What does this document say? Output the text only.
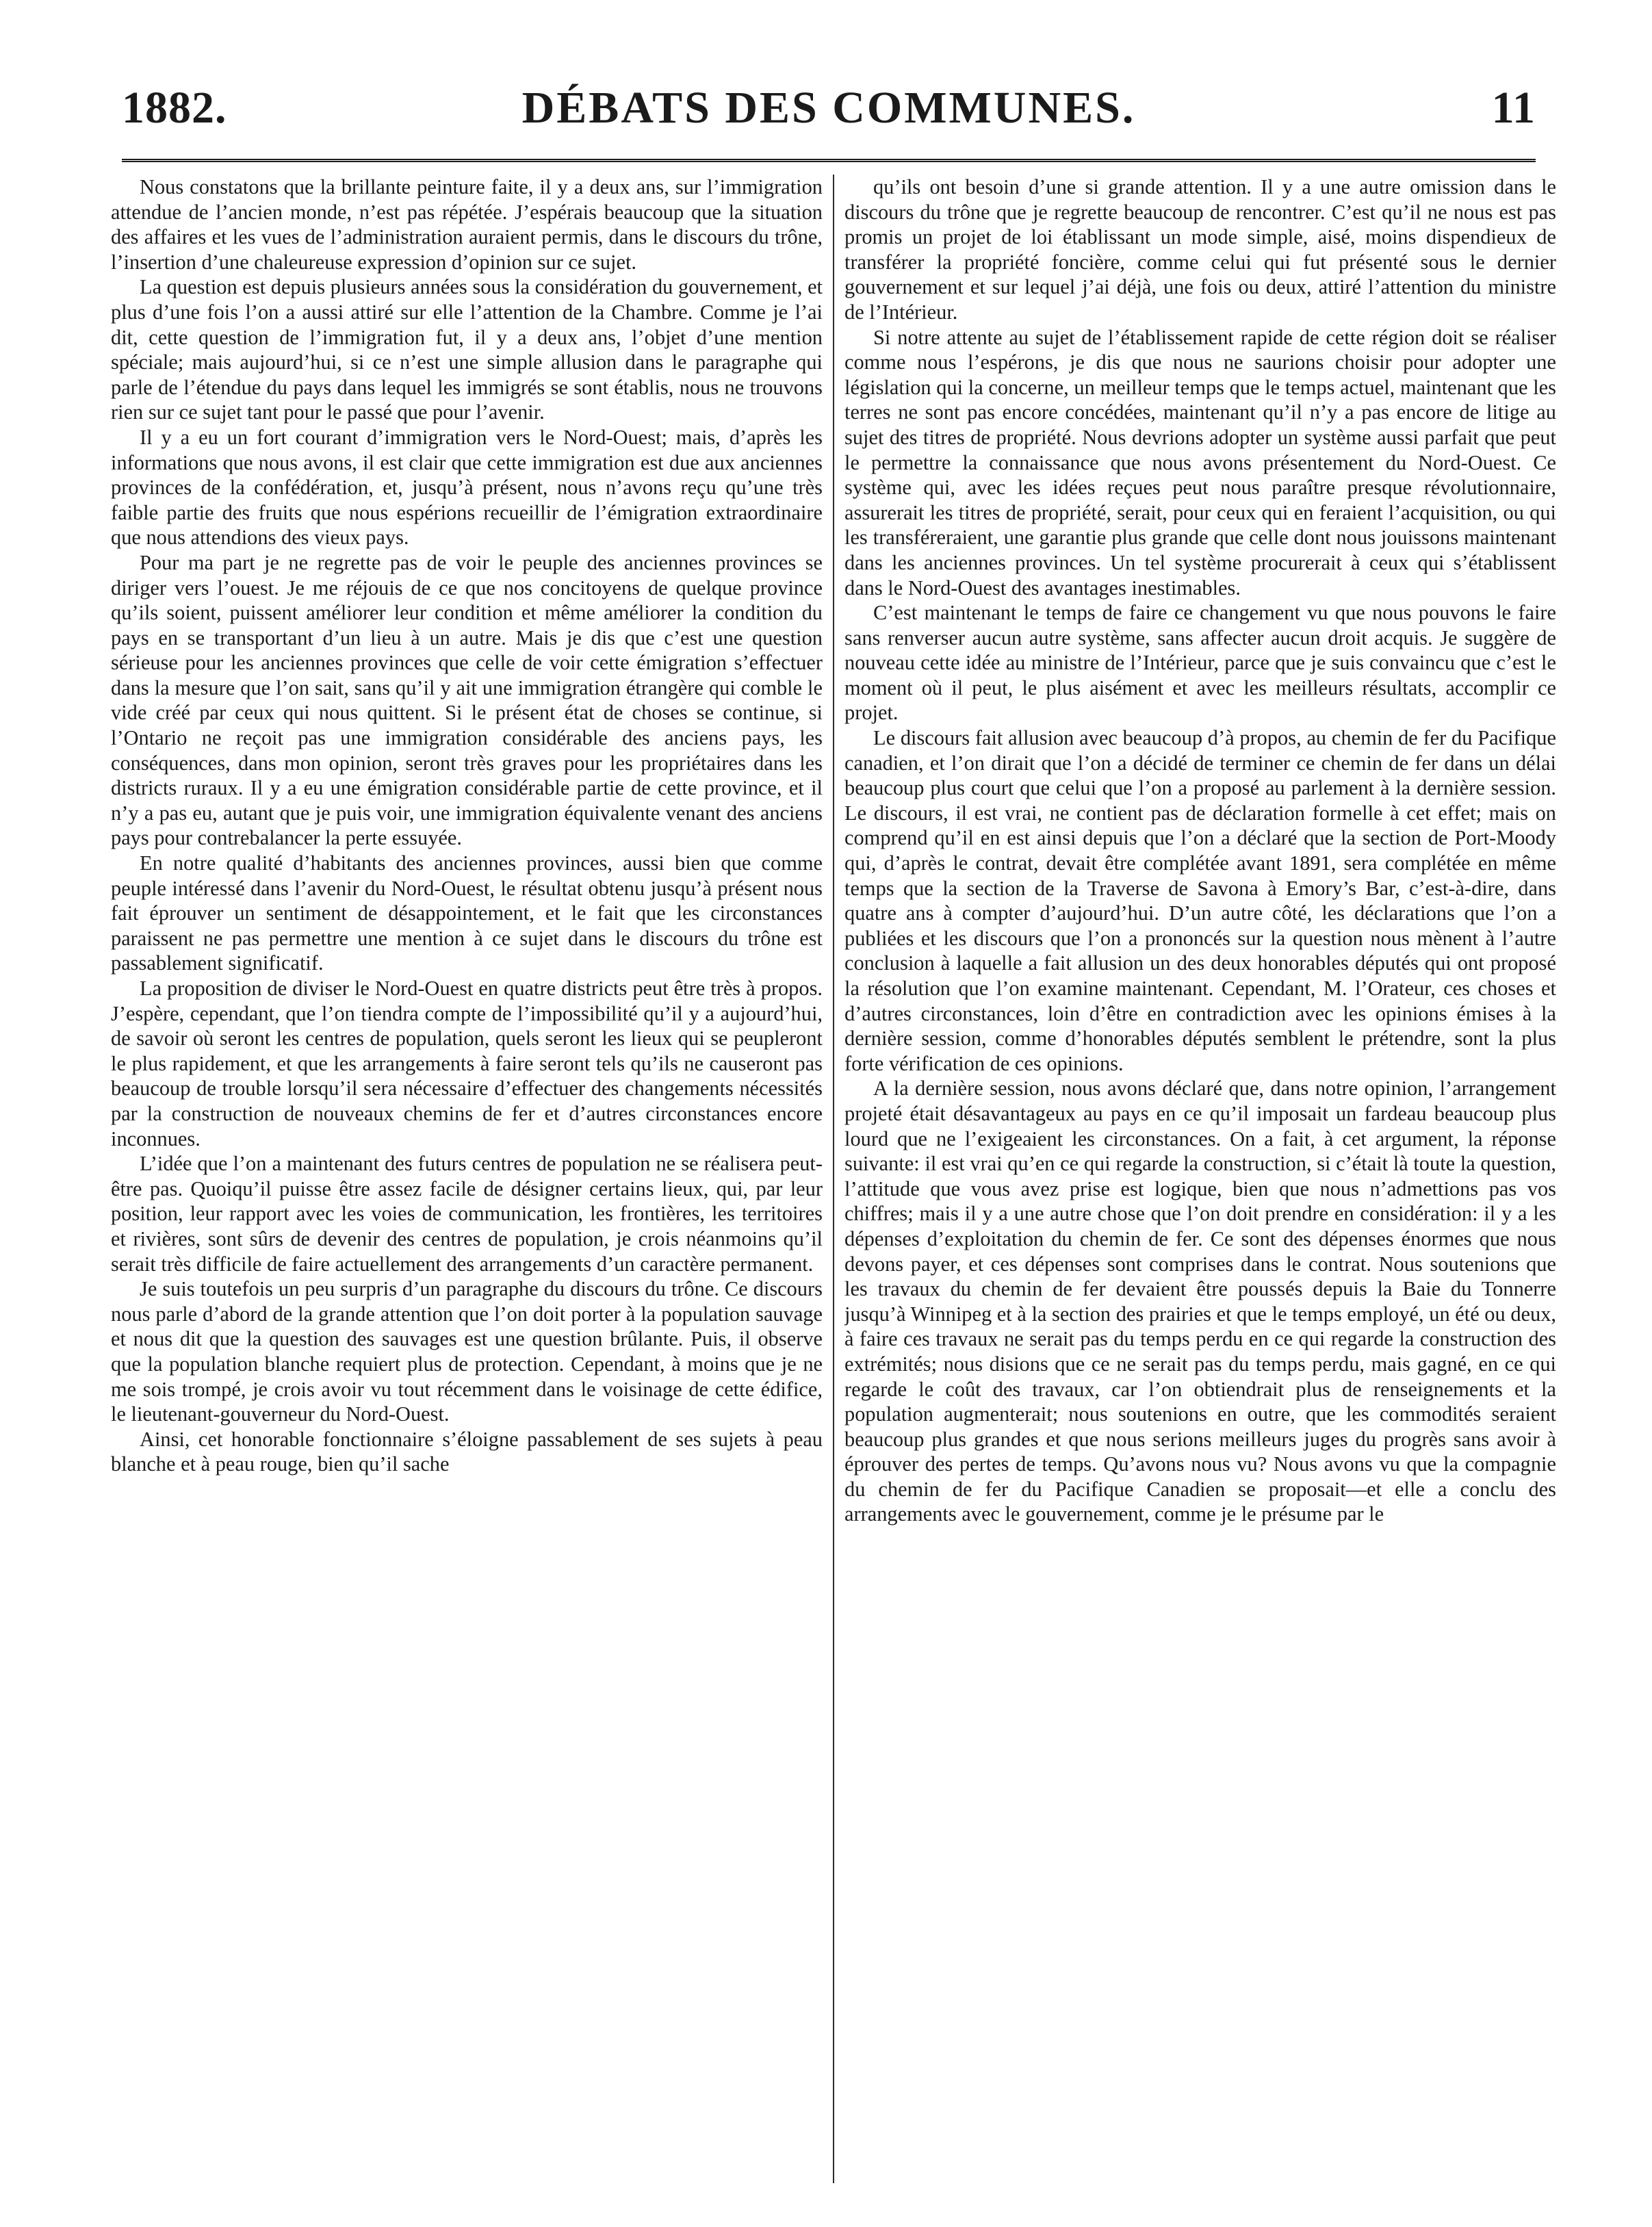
1882.	DÉBATS DES COMMUNES.	11

Nous constatons que la brillante peinture faite, il y a deux ans, sur l’immigration attendue de l’ancien monde, n’est pas répétée. J’espérais beaucoup que la situation des affaires et les vues de l’administration auraient permis, dans le discours du trône, l’insertion d’une chaleureuse expression d’opinion sur ce sujet.

La question est depuis plusieurs années sous la considération du gouvernement, et plus d’une fois l’on a aussi attiré sur elle l’attention de la Chambre. Comme je l’ai dit, cette question de l’immigration fut, il y a deux ans, l’objet d’une mention spéciale; mais aujourd’hui, si ce n’est une simple allusion dans le paragraphe qui parle de l’étendue du pays dans lequel les immigrés se sont établis, nous ne trouvons rien sur ce sujet tant pour le passé que pour l’avenir.

Il y a eu un fort courant d’immigration vers le Nord-Ouest; mais, d’après les informations que nous avons, il est clair que cette immigration est due aux anciennes provinces de la confédération, et, jusqu’à présent, nous n’avons reçu qu’une très faible partie des fruits que nous espérions recueillir de l’émigration extraordinaire que nous attendions des vieux pays.

Pour ma part je ne regrette pas de voir le peuple des anciennes provinces se diriger vers l’ouest. Je me réjouis de ce que nos concitoyens de quelque province qu’ils soient, puissent améliorer leur condition et même améliorer la condition du pays en se transportant d’un lieu à un autre. Mais je dis que c’est une question sérieuse pour les anciennes provinces que celle de voir cette émigration s’effectuer dans la mesure que l’on sait, sans qu’il y ait une immigration étrangère qui comble le vide créé par ceux qui nous quittent. Si le présent état de choses se continue, si l’Ontario ne reçoit pas une immigration considérable des anciens pays, les conséquences, dans mon opinion, seront très graves pour les propriétaires dans les districts ruraux. Il y a eu une émigration considérable partie de cette province, et il n’y a pas eu, autant que je puis voir, une immigration équivalente venant des anciens pays pour contrebalancer la perte essuyée.

En notre qualité d’habitants des anciennes provinces, aussi bien que comme peuple intéressé dans l’avenir du Nord-Ouest, le résultat obtenu jusqu’à présent nous fait éprouver un sentiment de désappointement, et le fait que les circonstances paraissent ne pas permettre une mention à ce sujet dans le discours du trône est passablement significatif.

La proposition de diviser le Nord-Ouest en quatre districts peut être très à propos. J’espère, cependant, que l’on tiendra compte de l’impossibilité qu’il y a aujourd’hui, de savoir où seront les centres de population, quels seront les lieux qui se peupleront le plus rapidement, et que les arrangements à faire seront tels qu’ils ne causeront pas beaucoup de trouble lorsqu’il sera nécessaire d’effectuer des changements nécessités par la construction de nouveaux chemins de fer et d’autres circonstances encore inconnues.

L’idée que l’on a maintenant des futurs centres de population ne se réalisera peut-être pas. Quoiqu’il puisse être assez facile de désigner certains lieux, qui, par leur position, leur rapport avec les voies de communication, les frontières, les territoires et rivières, sont sûrs de devenir des centres de population, je crois néanmoins qu’il serait très difficile de faire actuellement des arrangements d’un caractère permanent.

Je suis toutefois un peu surpris d’un paragraphe du discours du trône. Ce discours nous parle d’abord de la grande attention que l’on doit porter à la population sauvage et nous dit que la question des sauvages est une question brûlante. Puis, il observe que la population blanche requiert plus de protection. Cependant, à moins que je ne me sois trompé, je crois avoir vu tout récemment dans le voisinage de cette édifice, le lieutenant-gouverneur du Nord-Ouest.

Ainsi, cet honorable fonctionnaire s’éloigne passablement de ses sujets à peau blanche et à peau rouge, bien qu’il sache

qu’ils ont besoin d’une si grande attention. Il y a une autre omission dans le discours du trône que je regrette beaucoup de rencontrer. C’est qu’il ne nous est pas promis un projet de loi établissant un mode simple, aisé, moins dispendieux de transférer la propriété foncière, comme celui qui fut présenté sous le dernier gouvernement et sur lequel j’ai déjà, une fois ou deux, attiré l’attention du ministre de l’Intérieur.

Si notre attente au sujet de l’établissement rapide de cette région doit se réaliser comme nous l’espérons, je dis que nous ne saurions choisir pour adopter une législation qui la concerne, un meilleur temps que le temps actuel, maintenant que les terres ne sont pas encore concédées, maintenant qu’il n’y a pas encore de litige au sujet des titres de propriété. Nous devrions adopter un système aussi parfait que peut le permettre la connaissance que nous avons présentement du Nord-Ouest. Ce système qui, avec les idées reçues peut nous paraître presque révolutionnaire, assurerait les titres de propriété, serait, pour ceux qui en feraient l’acquisition, ou qui les transféreraient, une garantie plus grande que celle dont nous jouissons maintenant dans les anciennes provinces. Un tel système procurerait à ceux qui s’établissent dans le Nord-Ouest des avantages inestimables.

C’est maintenant le temps de faire ce changement vu que nous pouvons le faire sans renverser aucun autre système, sans affecter aucun droit acquis. Je suggère de nouveau cette idée au ministre de l’Intérieur, parce que je suis convaincu que c’est le moment où il peut, le plus aisément et avec les meilleurs résultats, accomplir ce projet.

Le discours fait allusion avec beaucoup d’à propos, au chemin de fer du Pacifique canadien, et l’on dirait que l’on a décidé de terminer ce chemin de fer dans un délai beaucoup plus court que celui que l’on a proposé au parlement à la dernière session. Le discours, il est vrai, ne contient pas de déclaration formelle à cet effet; mais on comprend qu’il en est ainsi depuis que l’on a déclaré que la section de Port-Moody qui, d’après le contrat, devait être complétée avant 1891, sera complétée en même temps que la section de la Traverse de Savona à Emory’s Bar, c’est-à-dire, dans quatre ans à compter d’aujourd’hui. D’un autre côté, les déclarations que l’on a publiées et les discours que l’on a prononcés sur la question nous mènent à l’autre conclusion à laquelle a fait allusion un des deux honorables députés qui ont proposé la résolution que l’on examine maintenant. Cependant, M. l’Orateur, ces choses et d’autres circonstances, loin d’être en contradiction avec les opinions émises à la dernière session, comme d’honorables députés semblent le prétendre, sont la plus forte vérification de ces opinions.

A la dernière session, nous avons déclaré que, dans notre opinion, l’arrangement projeté était désavantageux au pays en ce qu’il imposait un fardeau beaucoup plus lourd que ne l’exigeaient les circonstances. On a fait, à cet argument, la réponse suivante: il est vrai qu’en ce qui regarde la construction, si c’était là toute la question, l’attitude que vous avez prise est logique, bien que nous n’admettions pas vos chiffres; mais il y a une autre chose que l’on doit prendre en considération: il y a les dépenses d’exploitation du chemin de fer. Ce sont des dépenses énormes que nous devons payer, et ces dépenses sont comprises dans le contrat. Nous soutenions que les travaux du chemin de fer devaient être poussés depuis la Baie du Tonnerre jusqu’à Winnipeg et à la section des prairies et que le temps employé, un été ou deux, à faire ces travaux ne serait pas du temps perdu en ce qui regarde la construction des extrémités; nous disions que ce ne serait pas du temps perdu, mais gagné, en ce qui regarde le coût des travaux, car l’on obtiendrait plus de renseignements et la population augmenterait; nous soutenions en outre, que les commodités seraient beaucoup plus grandes et que nous serions meilleurs juges du progrès sans avoir à éprouver des pertes de temps. Qu’avons nous vu? Nous avons vu que la compagnie du chemin de fer du Pacifique Canadien se proposait—et elle a conclu des arrangements avec le gouvernement, comme je le présume par le
